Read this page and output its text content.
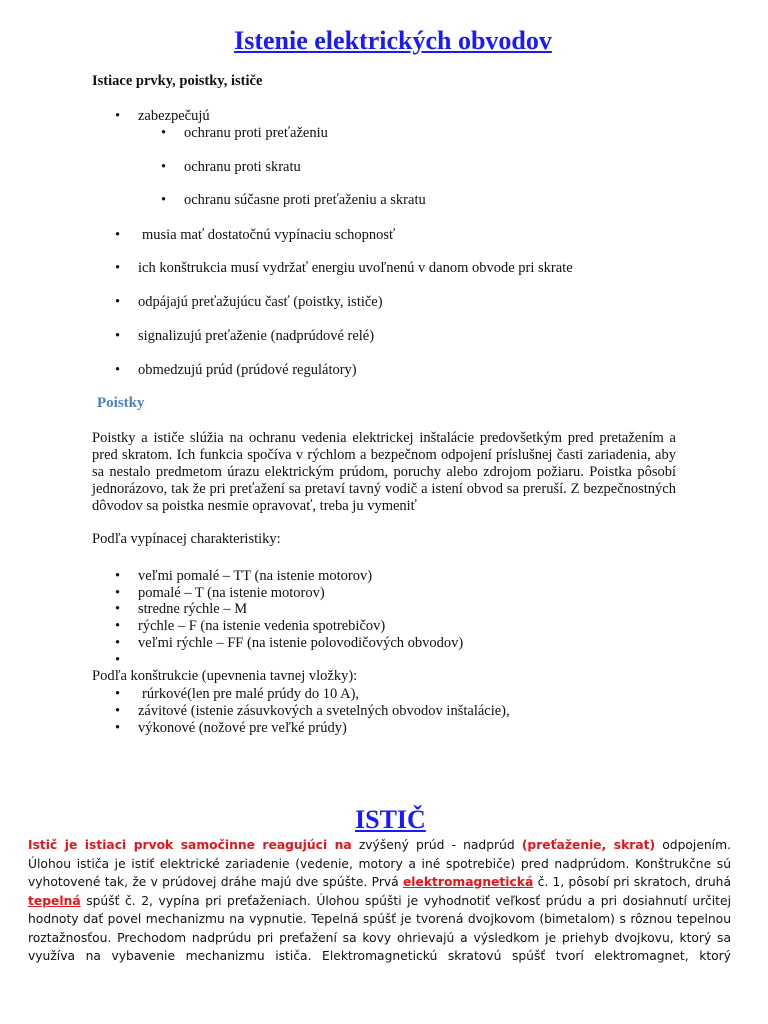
Istenie elektrických obvodov
Istiace prvky, poistky, ističe
• zabezpečujú
• ochranu proti preťaženiu
• ochranu proti skratu
• ochranu súčasne proti preťaženiu a skratu
• musia mať dostatočnú vypínaciu schopnosť
• ich konštrukcia musí vydržať energiu uvoľnenú v danom obvode pri skrate
• odpájajú preťažujúcu časť (poistky, ističe)
• signalizujú preťaženie (nadprúdové relé)
• obmedzujú prúd (prúdové regulátory)
Poistky
Poistky a ističe slúžia na ochranu vedenia elektrickej inštalácie predovšetkým pred pretažením a pred skratom. Ich funkcia spočíva v rýchlom a bezpečnom odpojení príslušnej časti zariadenia, aby sa nestalo predmetom úrazu elektrickým prúdom, poruchy alebo zdrojom požiaru. Poistka pôsobí jednorázovo, tak že pri preťažení sa pretaví tavný vodič a istení obvod sa preruší. Z bezpečnostných dôvodov sa poistka nesmie opravovať, treba ju vymeniť
Podľa vypínacej charakteristiky:
• veľmi pomalé – TT (na istenie motorov)
• pomalé – T (na istenie motorov)
• stredne rýchle – M
• rýchle – F (na istenie vedenia spotrebičov)
• veľmi rýchle – FF (na istenie polovodičových obvodov)
•
Podľa konštrukcie (upevnenia tavnej vložky):
• rúrkové(len pre malé prúdy do 10 A),
• závitové (istenie zásuvkových a svetelných obvodov inštalácie),
• výkonové (nožové pre veľké prúdy)
ISTIČ
Istič je istiaci prvok samočinne reagujúci na zvýšený prúd - nadprúd (preťaženie, skrat) odpojením. Úlohou ističa je istiť elektrické zariadenie (vedenie, motory a iné spotrebiče) pred nadprúdom. Konštrukčne sú vyhotovené tak, že v prúdovej dráhe majú dve spúšte. Prvá elektromagnetická č. 1, pôsobí pri skratoch, druhá tepelná spúšť č. 2, vypína pri preťaženiach. Úlohou spúšti je vyhodnotiť veľkosť prúdu a pri dosiahnutí určitej hodnoty dať povel mechanizmu na vypnutie. Tepelná spúšť je tvorená dvojkovom (bimetalom) s rôznou tepelnou roztažnosťou. Prechodom nadprúdu pri preťažení sa kovy ohrievajú a výsledkom je priehyb dvojkovu, ktorý sa využíva na vybavenie mechanizmu ističa. Elektromagnetickú skratovú spúšť tvorí elektromagnet, ktorý
